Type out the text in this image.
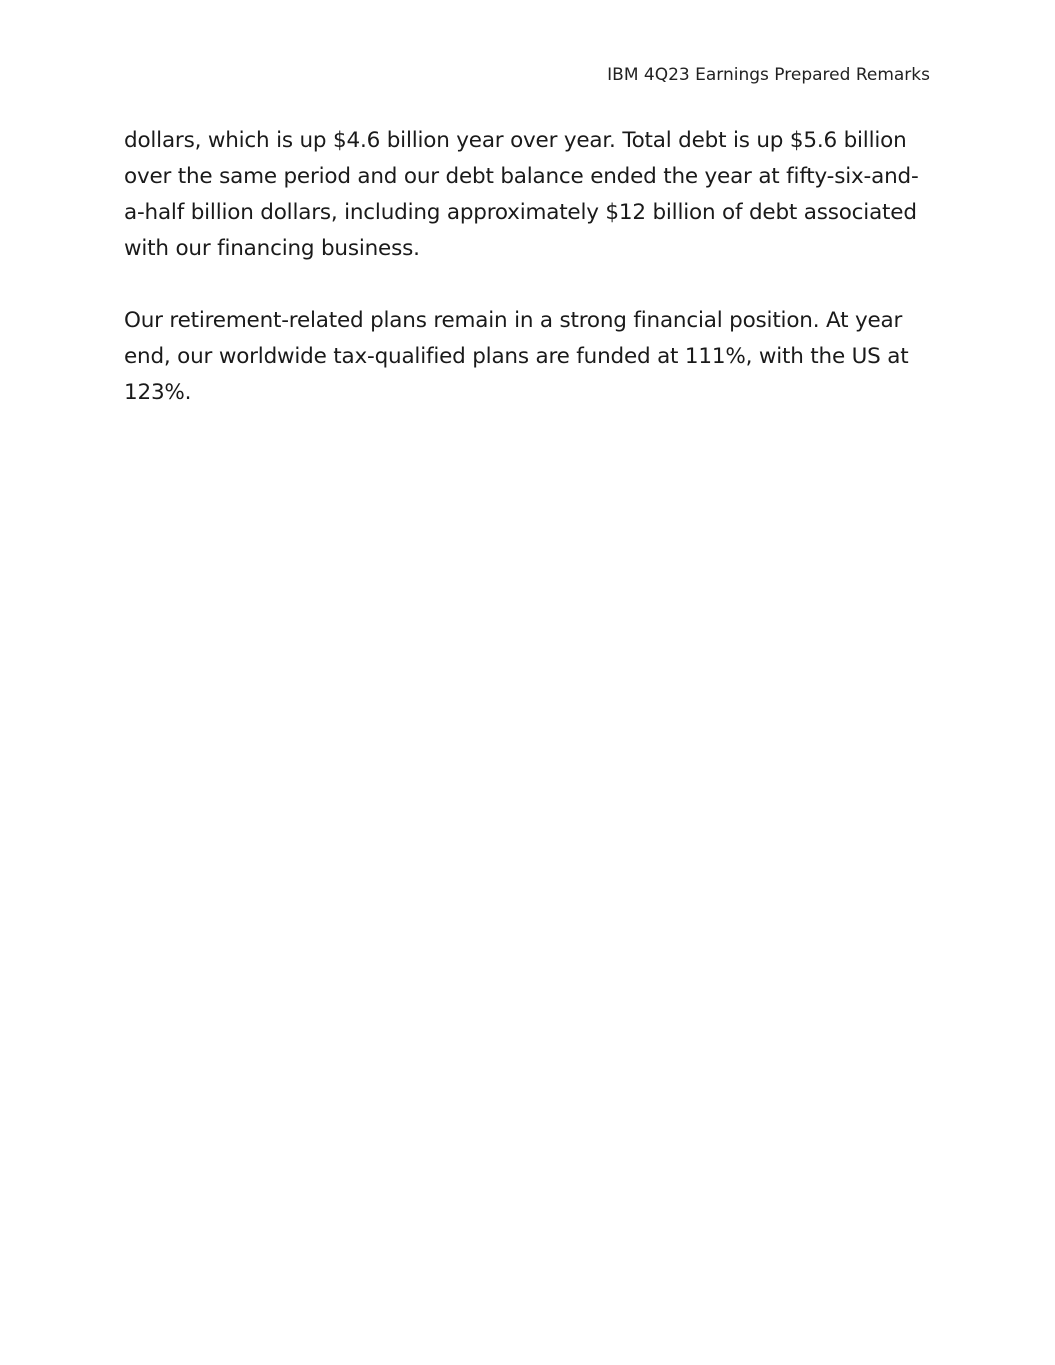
IBM 4Q23 Earnings Prepared Remarks

dollars, which is up $4.6 billion year over year. Total debt is up $5.6 billion over the same period and our debt balance ended the year at fifty-six-and-a-half billion dollars, including approximately $12 billion of debt associated with our financing business.

Our retirement-related plans remain in a strong financial position. At year end, our worldwide tax-qualified plans are funded at 111%, with the US at 123%.
